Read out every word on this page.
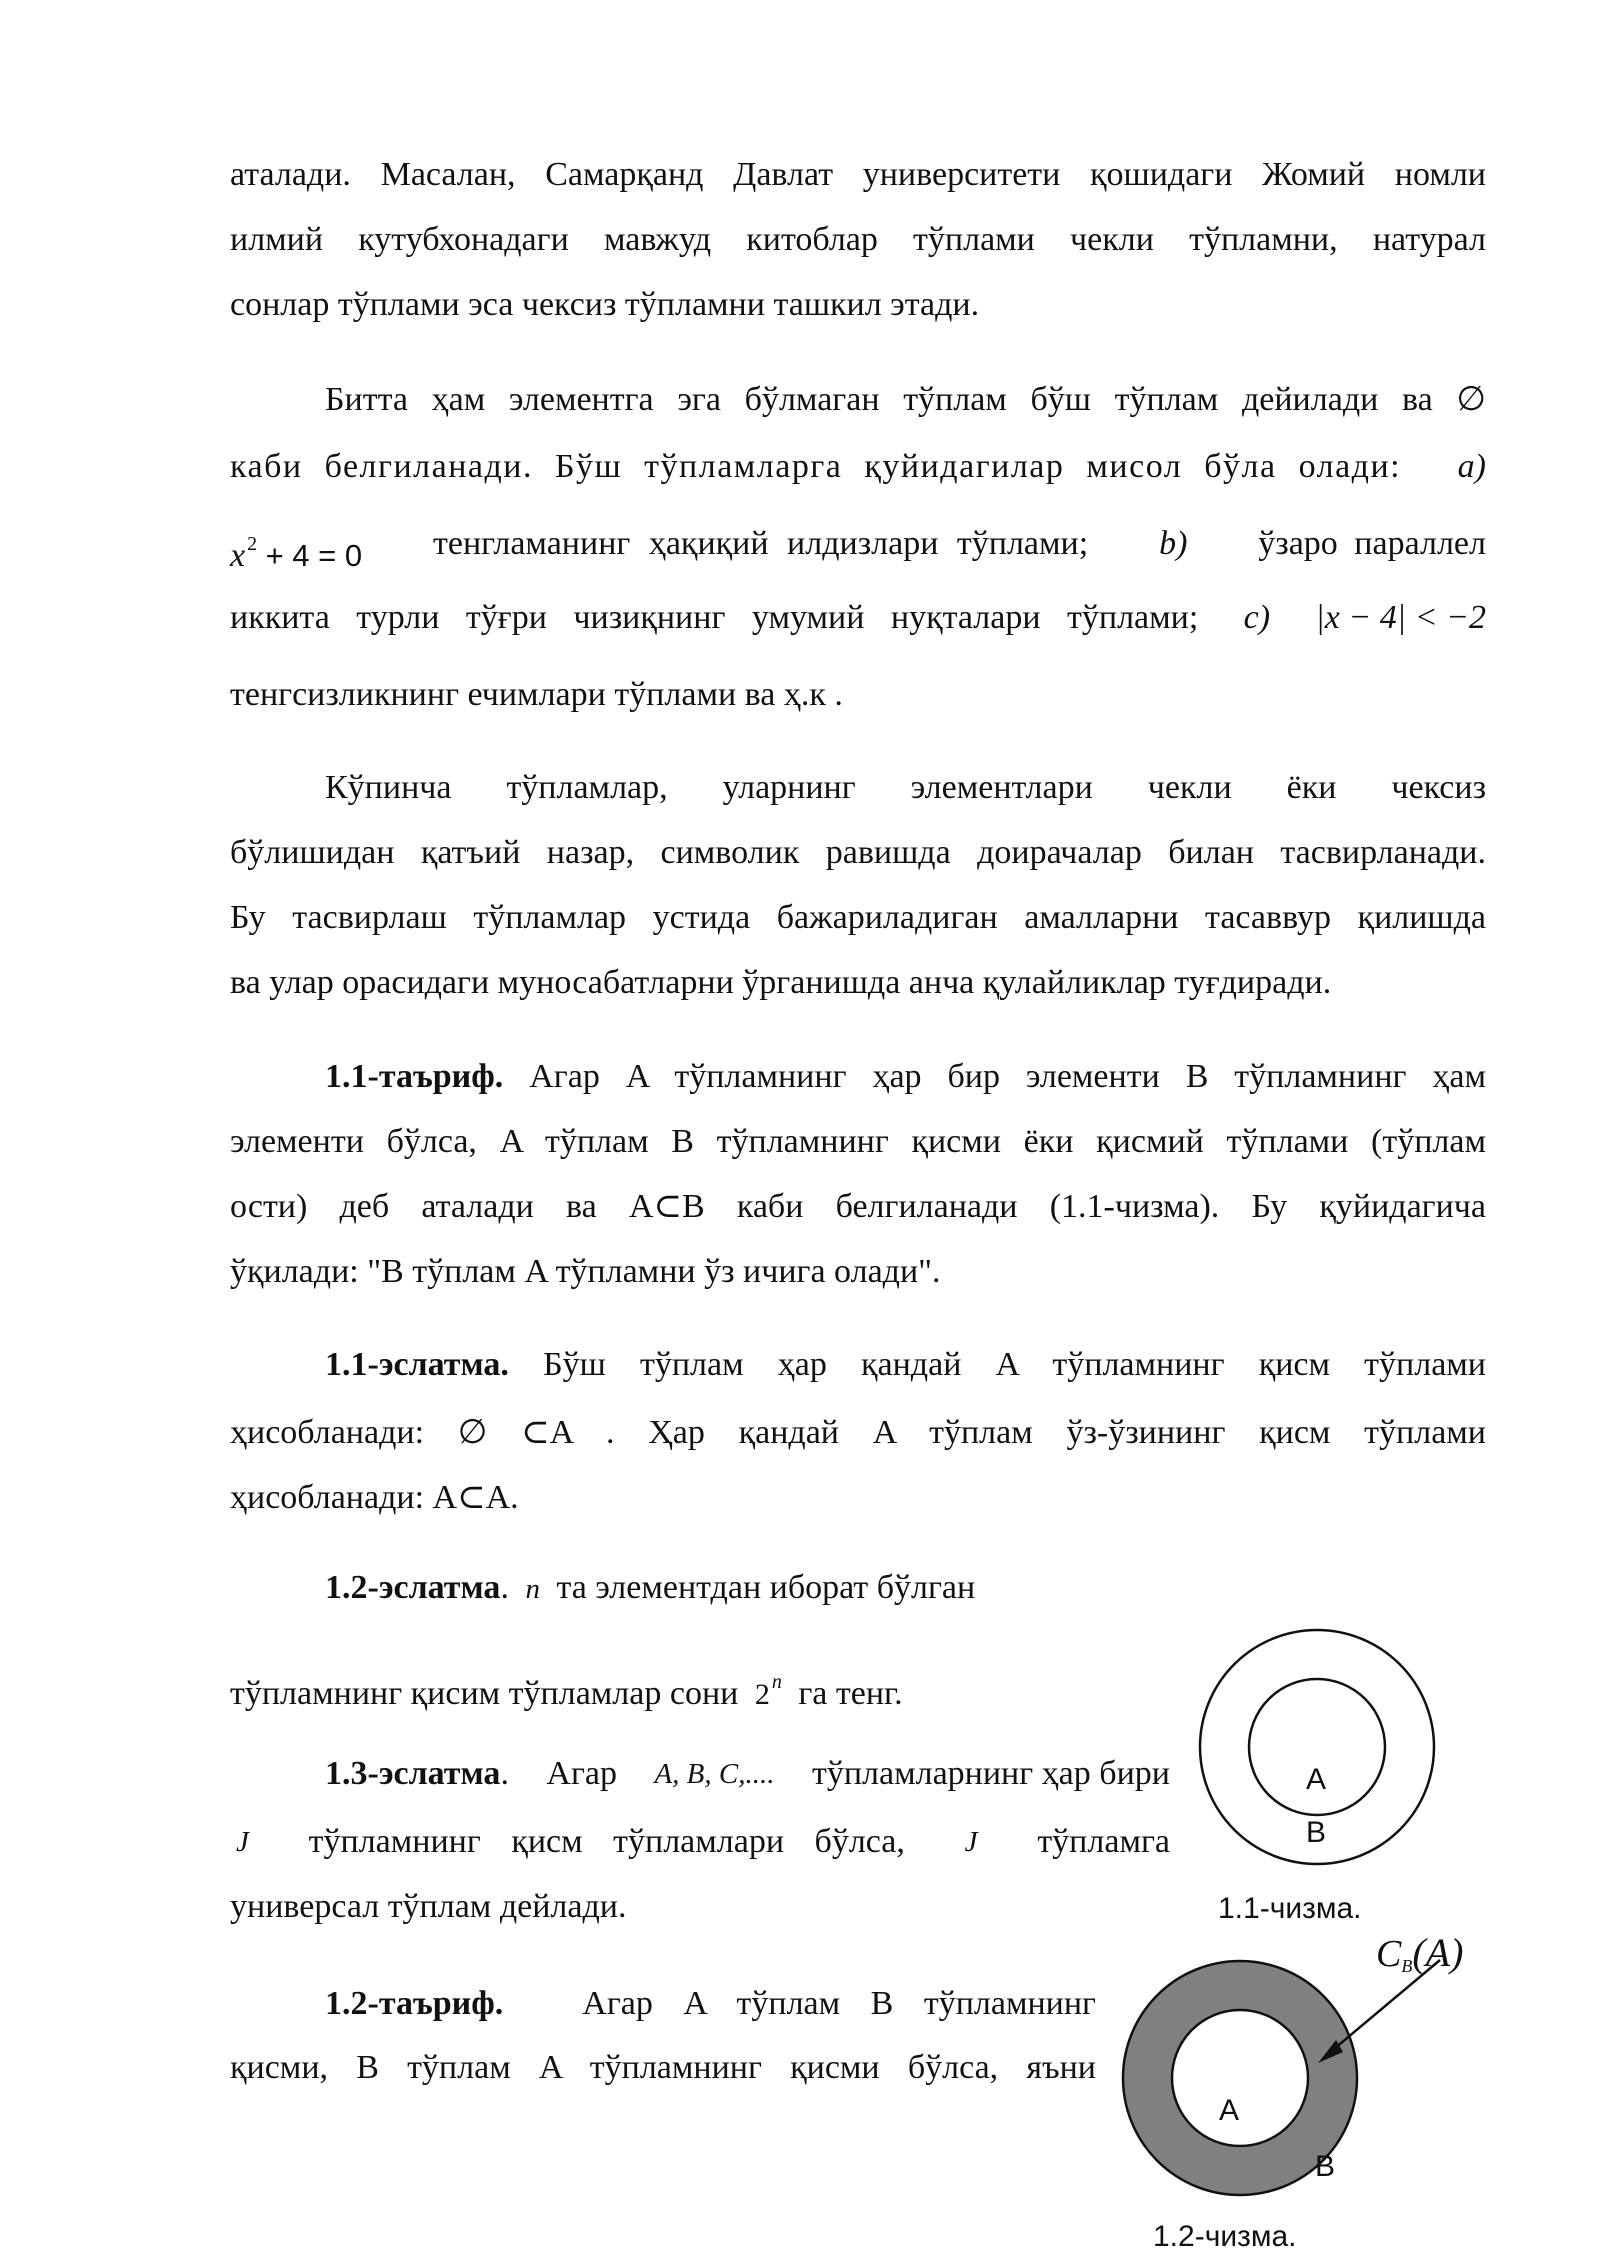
аталади. Масалан, Самарқанд Давлат университети қошидаги Жомий номли
илмий кутубхонадаги мавжуд китоблар тўплами чекли тўпламни, натурал
сонлар тўплами эса чексиз тўпламни ташкил этади.
Битта ҳам элементга эга бўлмаган тўплам бўш тўплам дейилади ва ∅
каби белгиланади. Бўш тўпламларга қуйидагилар мисол бўла олади: a)
x $^2$ + 4 = 0 тенгламанинг ҳақиқий илдизлари тўплами; b) ўзаро параллел
иккита турли тўғри чизиқнинг умумий нуқталари тўплами; c) |x − 4| < −2
тенгсизликнинг ечимлари тўплами ва ҳ.к .
Кўпинча тўпламлар, уларнинг элементлари чекли ёки чексиз
бўлишидан қатъий назар, символик равишда доирачалар билан тасвирланади.
Бу тасвирлаш тўпламлар устида бажариладиган амалларни тасаввур қилишда
ва улар орасидаги муносабатларни ўрганишда анча қулайликлар туғдиради.
1.1-таъриф. Агар A тўпламнинг ҳар бир элементи B тўпламнинг ҳам
элементи бўлса, A тўплам B тўпламнинг қисми ёки қисмий тўплами (тўплам
ости) деб аталади ва A⊂B каби белгиланади (1.1-чизма). Бу қуйидагича
ўқилади: "B тўплам A тўпламни ўз ичига олади".
1.1-эслатма. Бўш тўплам ҳар қандай A тўпламнинг қисм тўплами
ҳисобланади: ∅ ⊂A . Ҳар қандай A тўплам ўз-ўзининг қисм тўплами
ҳисобланади: A⊂A.
1.2-эслатма. n та элементдан иборат бўлган
тўпламнинг қисим тўпламлар сони 2 $^n$ га тенг.
1.3-эслатма. Агар A, B, C,.... тўпламларнинг ҳар бири
J тўпламнинг қисм тўпламлари бўлса, J тўпламга
универсал тўплам дейлади.
1.2-таъриф. Агар A тўплам B тўпламнинг
қисми, B тўплам A тўпламнинг қисми бўлса, яъни
A
B
1.1-чизма.
$C_B(A)$
A
B
1.2-чизма.
